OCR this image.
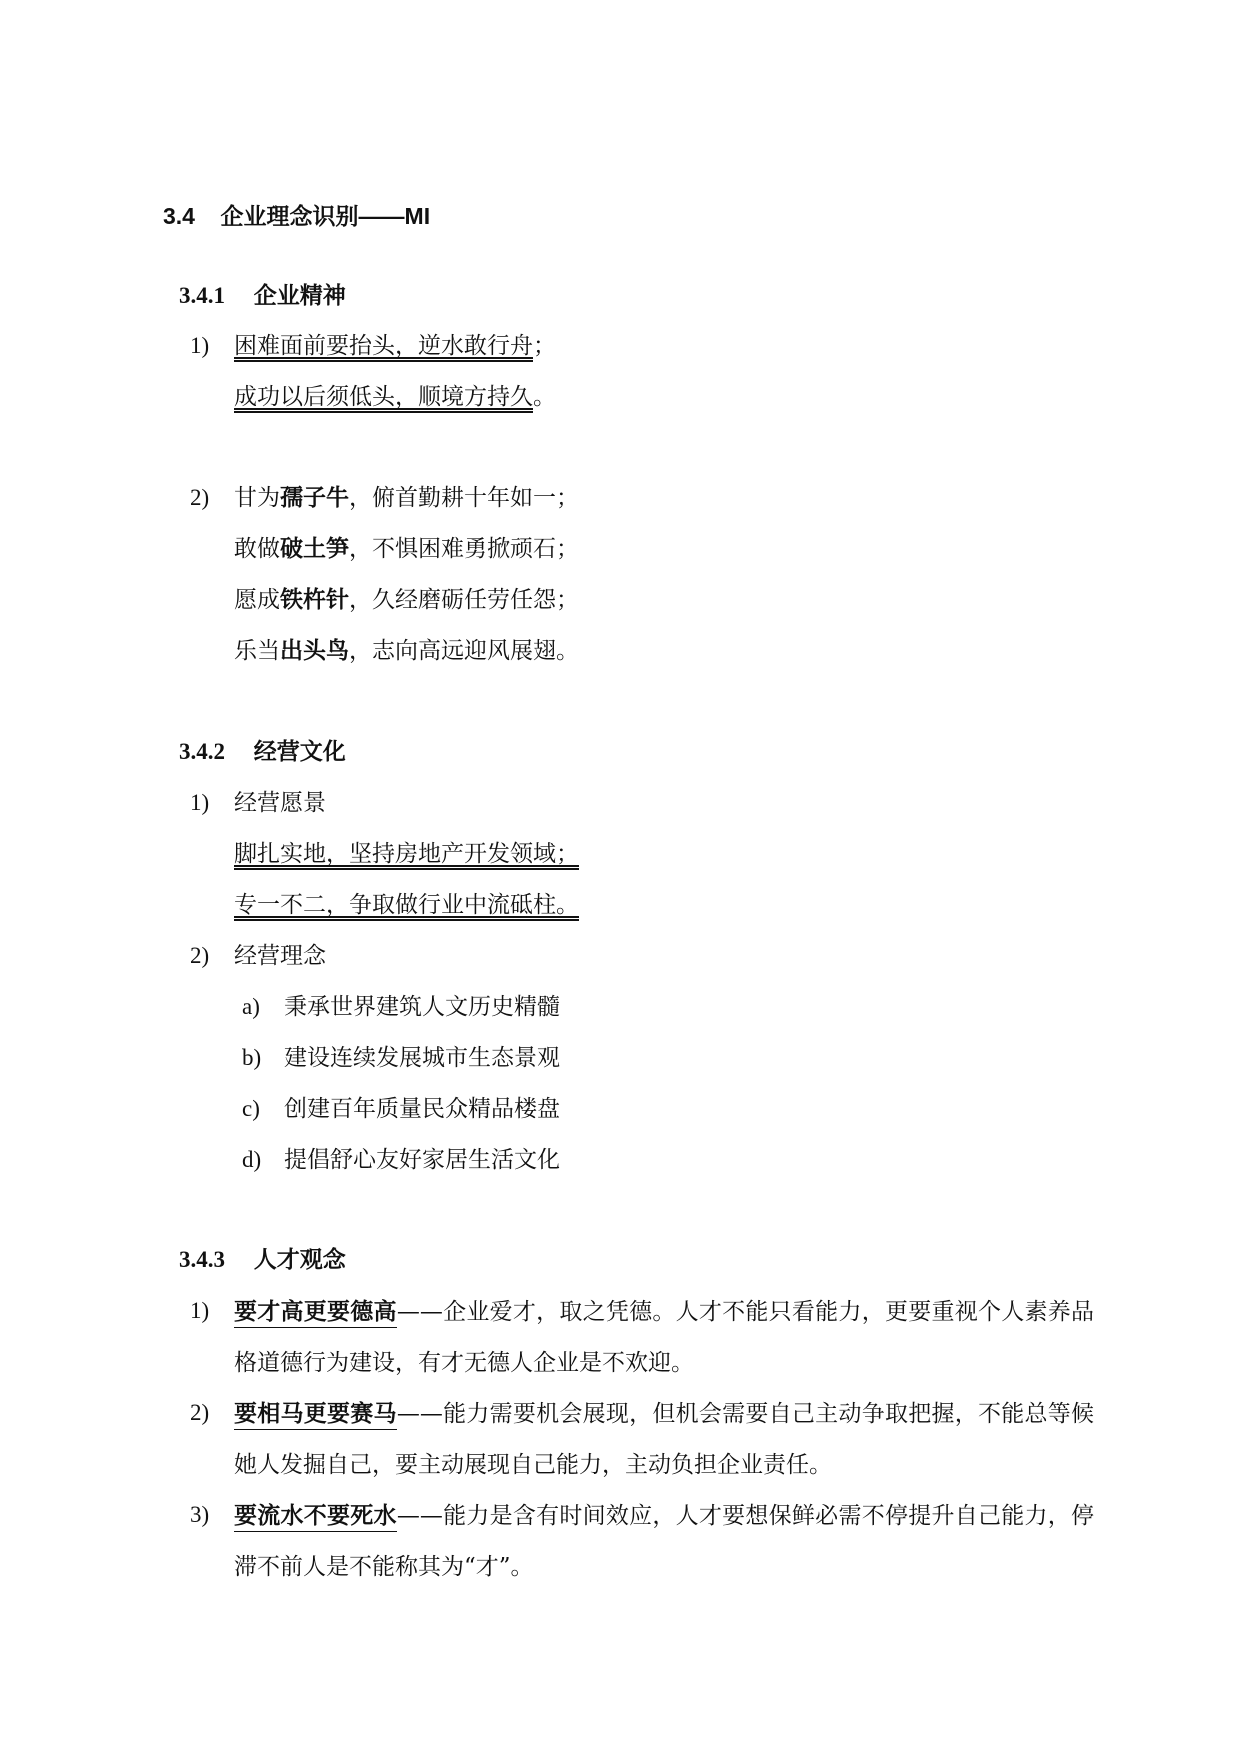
3.4 企业理念识别——MI
3.4.1 企业精神
1) 困难面前要抬头，逆水敢行舟；
成功以后须低头，顺境方持久。
2) 甘为孺子牛，俯首勤耕十年如一；
敢做破土笋，不惧困难勇掀顽石；
愿成铁杵针，久经磨砺任劳任怨；
乐当出头鸟，志向高远迎风展翅。
3.4.2 经营文化
1) 经营愿景
脚扎实地，坚持房地产开发领域；
专一不二，争取做行业中流砥柱。
2) 经营理念
a) 秉承世界建筑人文历史精髓
b) 建设连续发展城市生态景观
c) 创建百年质量民众精品楼盘
d) 提倡舒心友好家居生活文化
3.4.3 人才观念
1) 要才高更要德高——企业爱才，取之凭德。人才不能只看能力，更要重视个人素养品格道德行为建设，有才无德人企业是不欢迎。
2) 要相马更要赛马——能力需要机会展现，但机会需要自己主动争取把握，不能总等候她人发掘自己，要主动展现自己能力，主动负担企业责任。
3) 要流水不要死水——能力是含有时间效应，人才要想保鲜必需不停提升自己能力，停滞不前人是不能称其为“才”。
